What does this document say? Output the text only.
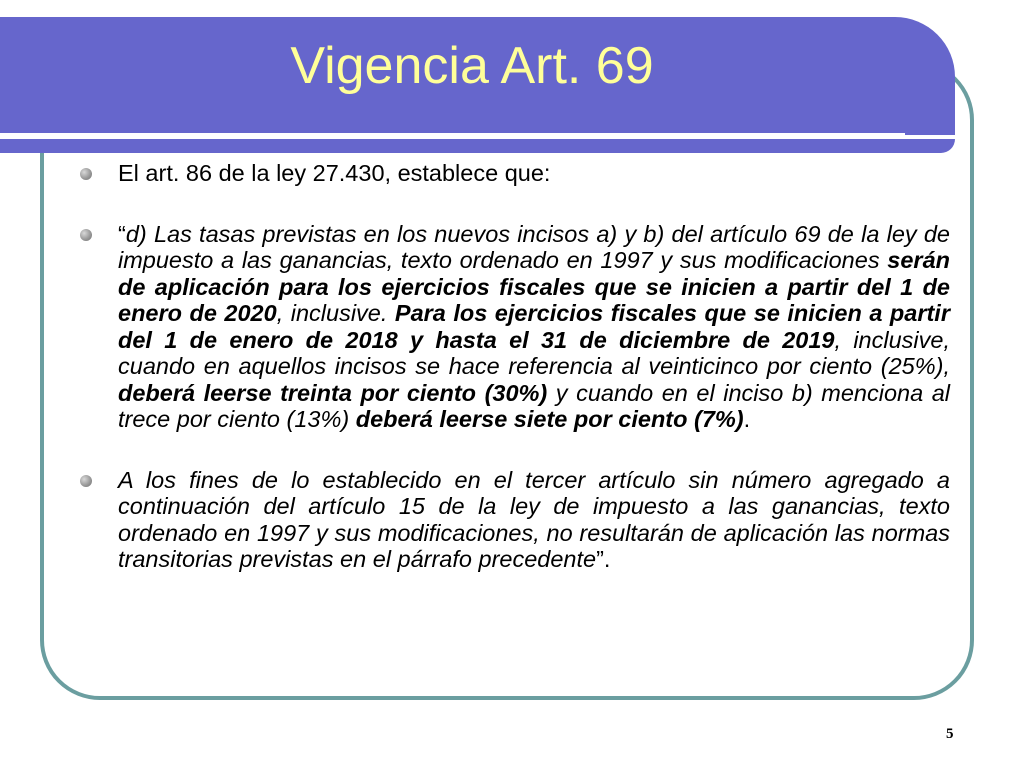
Vigencia Art. 69
El art. 86 de la ley 27.430, establece que:
“d) Las tasas previstas en los nuevos incisos a) y b) del artículo 69 de la ley de impuesto a las ganancias, texto ordenado en 1997 y sus modificaciones serán de aplicación para los ejercicios fiscales que se inicien a partir del 1 de enero de 2020, inclusive. Para los ejercicios fiscales que se inicien a partir del 1 de enero de 2018 y hasta el 31 de diciembre de 2019, inclusive, cuando en aquellos incisos se hace referencia al veinticinco por ciento (25%), deberá leerse treinta por ciento (30%) y cuando en el inciso b) menciona al trece por ciento (13%) deberá leerse siete por ciento (7%).
A los fines de lo establecido en el tercer artículo sin número agregado a continuación del artículo 15 de la ley de impuesto a las ganancias, texto ordenado en 1997 y sus modificaciones, no resultarán de aplicación las normas transitorias previstas en el párrafo precedente”.
5
